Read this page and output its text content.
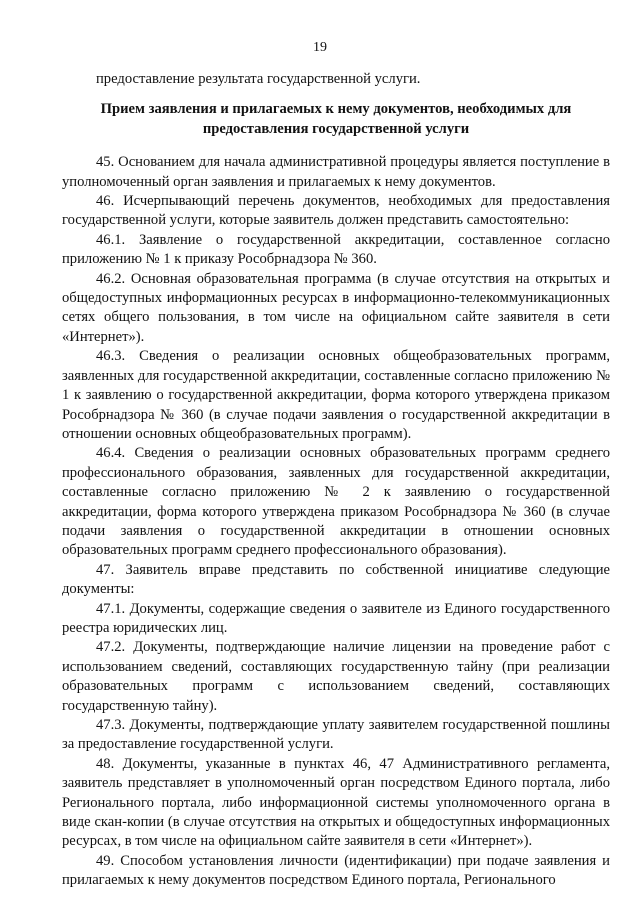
19

предоставление результата государственной услуги.

Прием заявления и прилагаемых к нему документов, необходимых для
предоставления государственной услуги

45. Основанием для начала административной процедуры является поступление в уполномоченный орган заявления и прилагаемых к нему документов.

46. Исчерпывающий перечень документов, необходимых для предоставления государственной услуги, которые заявитель должен представить самостоятельно:

46.1. Заявление о государственной аккредитации, составленное согласно приложению № 1 к приказу Рособрнадзора № 360.

46.2. Основная образовательная программа (в случае отсутствия на открытых и общедоступных информационных ресурсах в информационно-телекоммуникационных сетях общего пользования, в том числе на официальном сайте заявителя в сети «Интернет»).

46.3. Сведения о реализации основных общеобразовательных программ, заявленных для государственной аккредитации, составленные согласно приложению № 1 к заявлению о государственной аккредитации, форма которого утверждена приказом Рособрнадзора № 360 (в случае подачи заявления о государственной аккредитации в отношении основных общеобразовательных программ).

46.4. Сведения о реализации основных образовательных программ среднего профессионального образования, заявленных для государственной аккредитации, составленные согласно приложению № 2 к заявлению о государственной аккредитации, форма которого утверждена приказом Рособрнадзора № 360 (в случае подачи заявления о государственной аккредитации в отношении основных образовательных программ среднего профессионального образования).

47. Заявитель вправе представить по собственной инициативе следующие документы:

47.1. Документы, содержащие сведения о заявителе из Единого государственного реестра юридических лиц.

47.2. Документы, подтверждающие наличие лицензии на проведение работ с использованием сведений, составляющих государственную тайну (при реализации образовательных программ с использованием сведений, составляющих государственную тайну).

47.3. Документы, подтверждающие уплату заявителем государственной пошлины за предоставление государственной услуги.

48. Документы, указанные в пунктах 46, 47 Административного регламента, заявитель представляет в уполномоченный орган посредством Единого портала, либо Регионального портала, либо информационной системы уполномоченного органа в виде скан-копии (в случае отсутствия на открытых и общедоступных информационных ресурсах, в том числе на официальном сайте заявителя в сети «Интернет»).

49. Способом установления личности (идентификации) при подаче заявления и прилагаемых к нему документов посредством Единого портала, Регионального
